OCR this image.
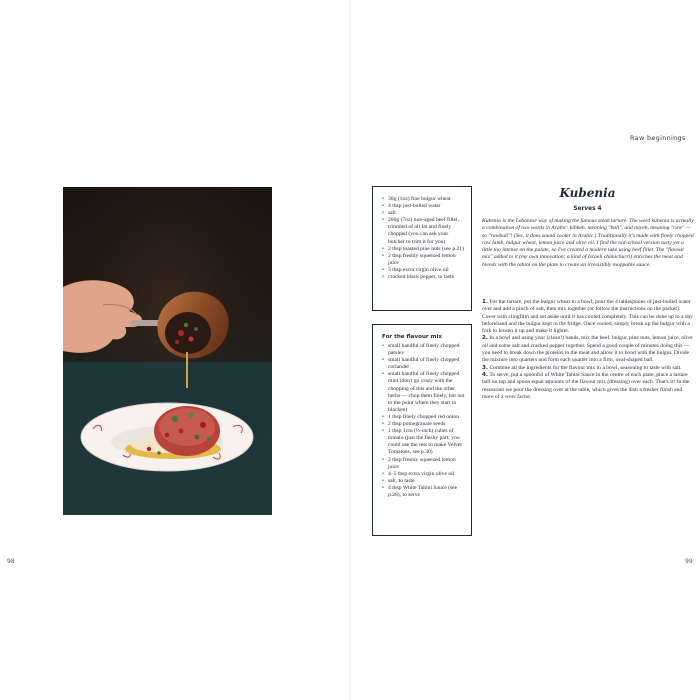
Raw beginnings
98	99
• 30g (1oz) fine bulgur wheat
• 4 tbsp just-boiled water
• salt
• 200g (7oz) non-aged beef fillet, trimmed of all fat and finely chopped (you can ask your butcher to trim it for you)
• 2 tbsp toasted pine nuts (see p.21)
• 2 tbsp freshly squeezed lemon juice
• 3 tbsp extra virgin olive oil
• cracked black pepper, to taste
For the flavour mix
• small handful of finely chopped parsley
• small handful of finely chopped coriander
• small handful of finely chopped mint (don't go crazy with the chopping of this and the other herbs — chop them finely, but not to the point where they start to blacken)
• 1 tbsp finely chopped red onion
• 2 tbsp pomegranate seeds
• 1 tbsp 1cm (½-inch) cubes of tomato (just the fleshy part; you could use the rest to make Velvet Tomatoes, see p.30)
• 2 tbsp freshly squeezed lemon juice
• 4–5 tbsp extra virgin olive oil
• salt, to taste
• 4 tbsp White Tahini Sauce (see p.28), to serve
Kubenia
Serves 4

Kubenia is the Lebanese way of making the famous steak tartare. The word kubenia is actually a combination of two words in Arabic: kibbeh, meaning "ball", and nayeh, meaning "raw" — so "rawball"! (Yes, it does sound cooler in Arabic.) Traditionally it's made with finely chopped raw lamb, bulgur wheat, lemon juice and olive oil. I find the old-school version tasty yet a little too intense on the palate, so I've created a modern take using beef fillet. The "flavour mix" added to it (my own innovation; a kind of Israeli chimichurri) enriches the meat and blends with the tahini on the plate to create an irresistibly moppable sauce.

1. For the tartare, put the bulgur wheat in a bowl, pour the 4 tablespoons of just-boiled water over and add a pinch of salt, then mix together (or follow the instructions on the packet). Cover with clingfilm and set aside until it has cooled completely. This can be done up to a day beforehand and the bulgur kept in the fridge. Once cooled, simply break up the bulgur with a fork to loosen it up and make it lighter.
2. In a bowl and using your (clean!) hands, mix the beef, bulgur, pine nuts, lemon juice, olive oil and some salt and cracked pepper together. Spend a good couple of minutes doing this — you need to break down the proteins in the meat and allow it to bond with the bulgur. Divide the mixture into quarters and form each quarter into a firm, oval-shaped ball.
3. Combine all the ingredients for the flavour mix in a bowl, seasoning to taste with salt.
4. To serve, put a spoonful of White Tahini Sauce in the centre of each plate, place a tartare ball on top and spoon equal amounts of the flavour mix (dressing) over each. That's it! In the restaurant we pour the dressing over at the table, which gives the dish a fresher finish and more of a wow factor.
